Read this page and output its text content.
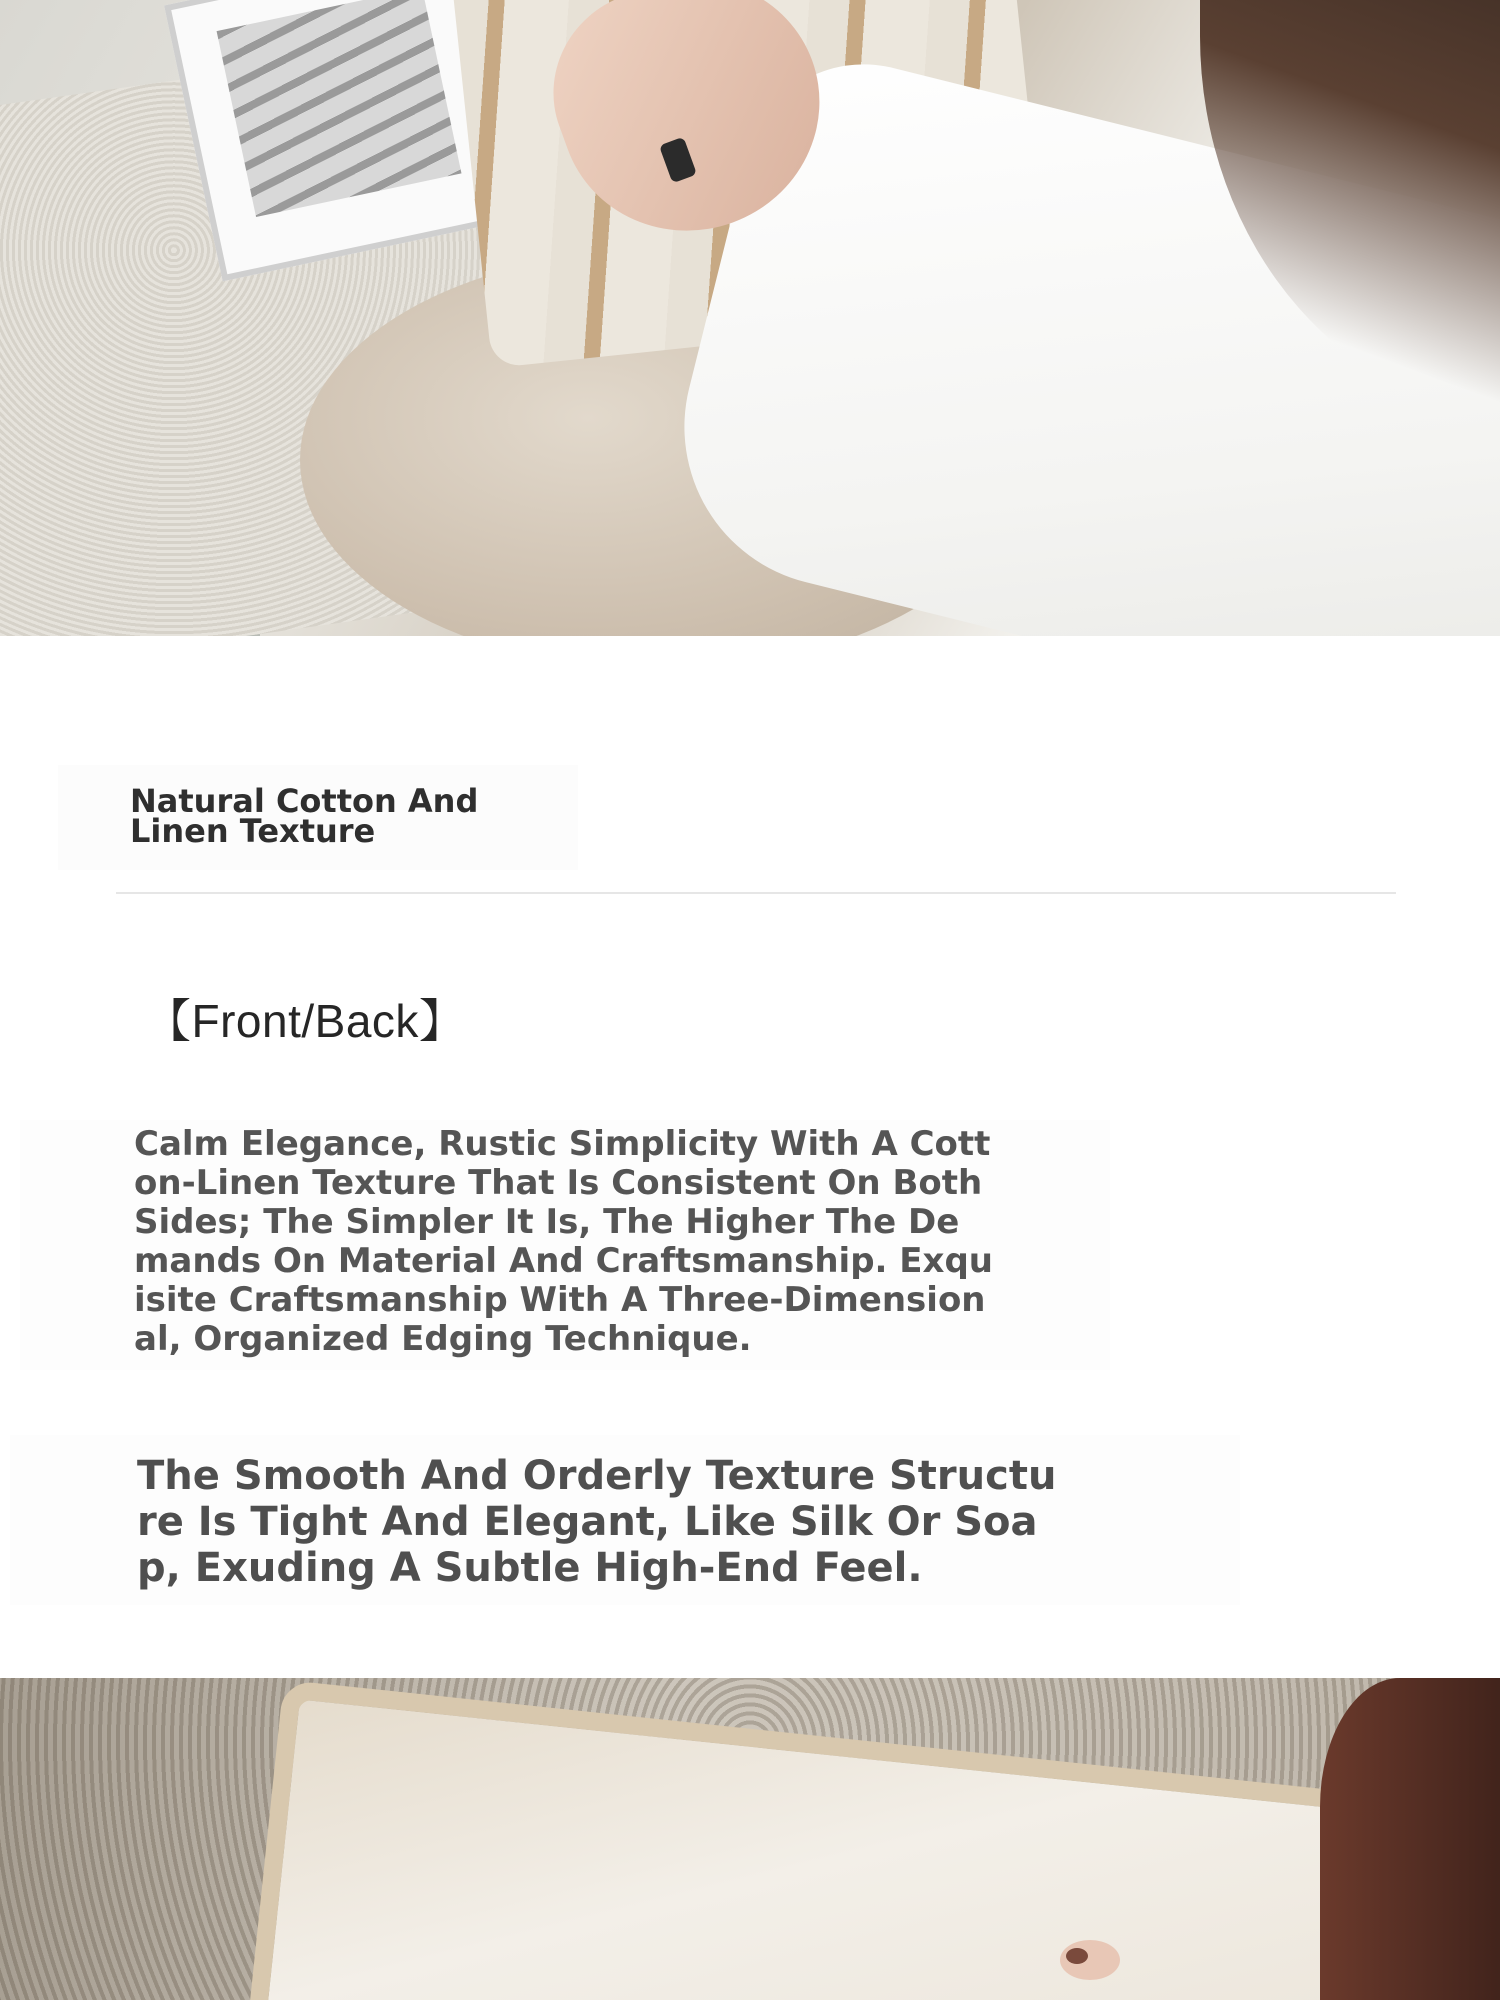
Natural Cotton And
Linen Texture

【Front/Back】

Calm Elegance, Rustic Simplicity With A Cotton-Linen Texture That Is Consistent On Both Sides; The Simpler It Is, The Higher The Demands On Material And Craftsmanship. Exquisite Craftsmanship With A Three-Dimensional, Organized Edging Technique.

The Smooth And Orderly Texture Structure Is Tight And Elegant, Like Silk Or Soap, Exuding A Subtle High-End Feel.
